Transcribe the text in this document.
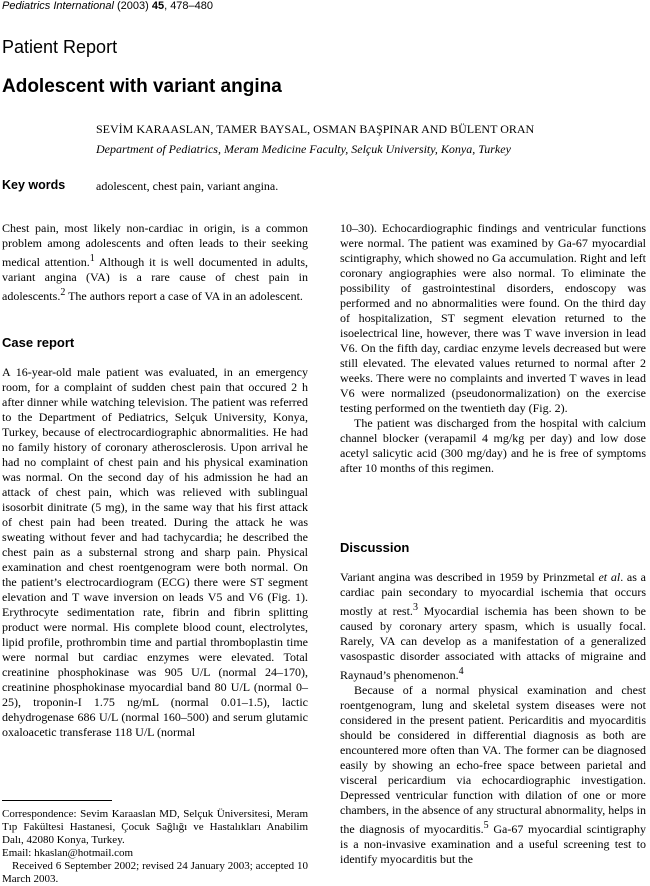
Pediatrics International (2003) 45, 478–480
Patient Report
Adolescent with variant angina
SEVİM KARAASLAN, TAMER BAYSAL, OSMAN BAŞPINAR AND BÜLENT ORAN
Department of Pediatrics, Meram Medicine Faculty, Selçuk University, Konya, Turkey
Key words	adolescent, chest pain, variant angina.

Chest pain, most likely non-cardiac in origin, is a common problem among adolescents and often leads to their seeking medical attention.$^1$ Although it is well documented in adults, variant angina (VA) is a rare cause of chest pain in adolescents.$^2$ The authors report a case of VA in an adolescent.

Case report

A 16-year-old male patient was evaluated, in an emergency room, for a complaint of sudden chest pain that occured 2 h after dinner while watching television. The patient was referred to the Department of Pediatrics, Selçuk University, Konya, Turkey, because of electrocardiographic abnormalities. He had no family history of coronary atherosclerosis. Upon arrival he had no complaint of chest pain and his physical examination was normal. On the second day of his admission he had an attack of chest pain, which was relieved with sublingual isosorbit dinitrate (5 mg), in the same way that his first attack of chest pain had been treated. During the attack he was sweating without fever and had tachycardia; he described the chest pain as a substernal strong and sharp pain. Physical examination and chest roentgenogram were both normal. On the patient’s electrocardiogram (ECG) there were ST segment elevation and T wave inversion on leads V5 and V6 (Fig. 1). Erythrocyte sedimentation rate, fibrin and fibrin splitting product were normal. His complete blood count, electrolytes, lipid profile, prothrombin time and partial thromboplastin time were normal but cardiac enzymes were elevated. Total creatinine phosphokinase was 905 U/L (normal 24–170), creatinine phosphokinase myocardial band 80 U/L (normal 0–25), troponin-I 1.75 ng/mL (normal 0.01–1.5), lactic dehydrogenase 686 U/L (normal 160–500) and serum glutamic oxaloacetic transferase 118 U/L (normal

10–30). Echocardiographic findings and ventricular functions were normal. The patient was examined by Ga-67 myocardial scintigraphy, which showed no Ga accumulation. Right and left coronary angiographies were also normal. To eliminate the possibility of gastrointestinal disorders, endoscopy was performed and no abnormalities were found. On the third day of hospitalization, ST segment elevation returned to the isoelectrical line, however, there was T wave inversion in lead V6. On the fifth day, cardiac enzyme levels decreased but were still elevated. The elevated values returned to normal after 2 weeks. There were no complaints and inverted T waves in lead V6 were normalized (pseudonormalization) on the exercise testing performed on the twentieth day (Fig. 2).

The patient was discharged from the hospital with calcium channel blocker (verapamil 4 mg/kg per day) and low dose acetyl salicytic acid (300 mg/day) and he is free of symptoms after 10 months of this regimen.

Discussion

Variant angina was described in 1959 by Prinzmetal et al. as a cardiac pain secondary to myocardial ischemia that occurs mostly at rest.$^3$ Myocardial ischemia has been shown to be caused by coronary artery spasm, which is usually focal. Rarely, VA can develop as a manifestation of a generalized vasospastic disorder associated with attacks of migraine and Raynaud’s phenomenon.$^4$

Because of a normal physical examination and chest roentgenogram, lung and skeletal system diseases were not considered in the present patient. Pericarditis and myocarditis should be considered in differential diagnosis as both are encountered more often than VA. The former can be diagnosed easily by showing an echo-free space between parietal and visceral pericardium via echocardiographic investigation. Depressed ventricular function with dilation of one or more chambers, in the absence of any structural abnormality, helps in the diagnosis of myocarditis.$^5$ Ga-67 myocardial scintigraphy is a non-invasive examination and a useful screening test to identify myocarditis but the

Correspondence: Sevim Karaaslan MD, Selçuk Üniversitesi, Meram Tıp Fakültesi Hastanesi, Çocuk Sağlığı ve Hastalıkları Anabilim Dalı, 42080 Konya, Turkey.

Email: hkaslan@hotmail.com

Received 6 September 2002; revised 24 January 2003; accepted 10 March 2003.
